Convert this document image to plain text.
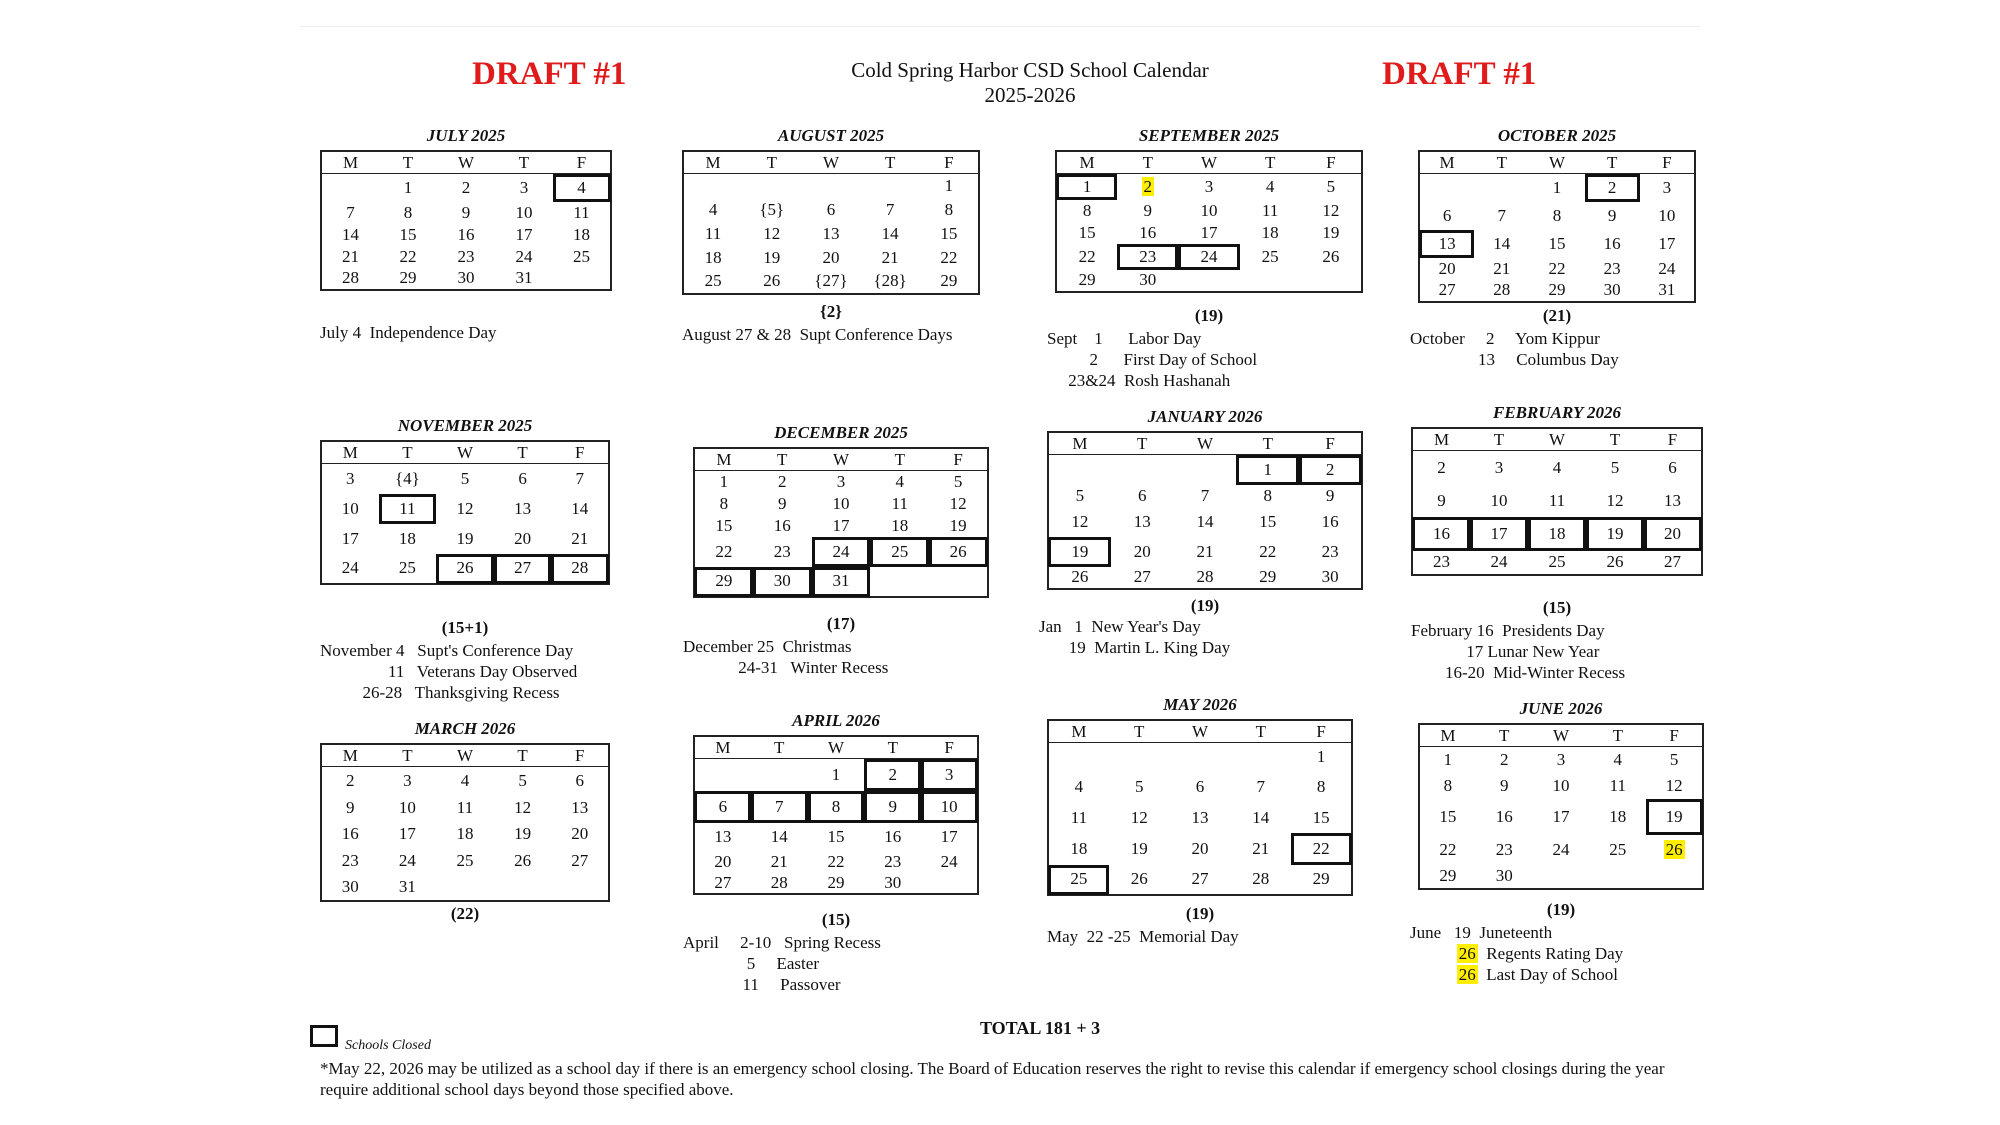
DRAFT #1	DRAFT #1
Cold Spring Harbor CSD School Calendar
2025-2026
JULY 2025
M	T	W	T	F
	1	2	3	4
7	8	9	10	11
14	15	16	17	18
21	22	23	24	25
28	29	30	31	
July 4  Independence Day
AUGUST 2025
M	T	W	T	F
				1
4	{5}	6	7	8
11	12	13	14	15
18	19	20	21	22
25	26	{27}	{28}	29
{2}
August 27 & 28  Supt Conference Days
SEPTEMBER 2025
M	T	W	T	F
1	2	3	4	5
8	9	10	11	12
15	16	17	18	19
22	23	24	25	26
29	30			
(19)
Sept    1      Labor Day
2      First Day of School
23&24  Rosh Hashanah
OCTOBER 2025
M	T	W	T	F
		1	2	3
6	7	8	9	10
13	14	15	16	17
20	21	22	23	24
27	28	29	30	31
(21)
October     2     Yom Kippur
13     Columbus Day
NOVEMBER 2025
M	T	W	T	F
3	{4}	5	6	7
10	11	12	13	14
17	18	19	20	21
24	25	26	27	28
(15+1)
November 4   Supt's Conference Day
11   Veterans Day Observed
26-28   Thanksgiving Recess
DECEMBER 2025
M	T	W	T	F
1	2	3	4	5
8	9	10	11	12
15	16	17	18	19
22	23	24	25	26
29	30	31		
(17)
December 25  Christmas
24-31   Winter Recess
JANUARY 2026
M	T	W	T	F
			1	2
5	6	7	8	9
12	13	14	15	16
19	20	21	22	23
26	27	28	29	30
(19)
Jan   1  New Year's Day
19  Martin L. King Day
FEBRUARY 2026
M	T	W	T	F
2	3	4	5	6
9	10	11	12	13
16	17	18	19	20
23	24	25	26	27
(15)
February 16  Presidents Day
17 Lunar New Year
16-20  Mid-Winter Recess
MARCH 2026
M	T	W	T	F
2	3	4	5	6
9	10	11	12	13
16	17	18	19	20
23	24	25	26	27
30	31			
(22)
APRIL 2026
M	T	W	T	F
		1	2	3
6	7	8	9	10
13	14	15	16	17
20	21	22	23	24
27	28	29	30	
(15)
April     2-10   Spring Recess
5     Easter
11     Passover
MAY 2026
M	T	W	T	F
				1
4	5	6	7	8
11	12	13	14	15
18	19	20	21	22
25	26	27	28	29
(19)
May  22 -25  Memorial Day
JUNE 2026
M	T	W	T	F
1	2	3	4	5
8	9	10	11	12
15	16	17	18	19
22	23	24	25	26
29	30			
(19)
June   19  Juneteenth
26  Regents Rating Day
26  Last Day of School
TOTAL 181 + 3
Schools Closed
*May 22, 2026 may be utilized as a school day if there is an emergency school closing. The Board of Education reserves the right to revise this calendar if emergency school closings during the year require additional school days beyond those specified above.
